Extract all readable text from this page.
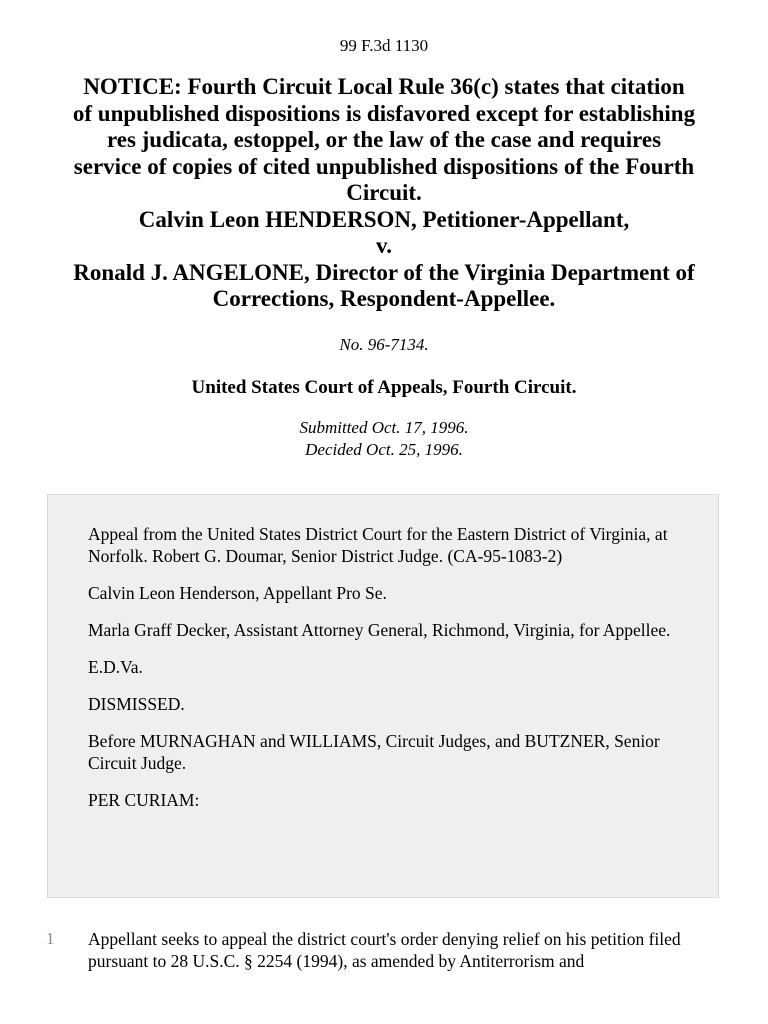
99 F.3d 1130
NOTICE: Fourth Circuit Local Rule 36(c) states that citation
of unpublished dispositions is disfavored except for establishing
res judicata, estoppel, or the law of the case and requires
service of copies of cited unpublished dispositions of the Fourth
Circuit.
Calvin Leon HENDERSON, Petitioner-Appellant,
v.
Ronald J. ANGELONE, Director of the Virginia Department of
Corrections, Respondent-Appellee.
No. 96-7134.
United States Court of Appeals, Fourth Circuit.
Submitted Oct. 17, 1996.
Decided Oct. 25, 1996.

Appeal from the United States District Court for the Eastern District of Virginia, at Norfolk. Robert G. Doumar, Senior District Judge. (CA-95-1083-2)

Calvin Leon Henderson, Appellant Pro Se.

Marla Graff Decker, Assistant Attorney General, Richmond, Virginia, for Appellee.

E.D.Va.

DISMISSED.

Before MURNAGHAN and WILLIAMS, Circuit Judges, and BUTZNER, Senior Circuit Judge.

PER CURIAM:

1 Appellant seeks to appeal the district court's order denying relief on his petition filed pursuant to 28 U.S.C. § 2254 (1994), as amended by Antiterrorism and
